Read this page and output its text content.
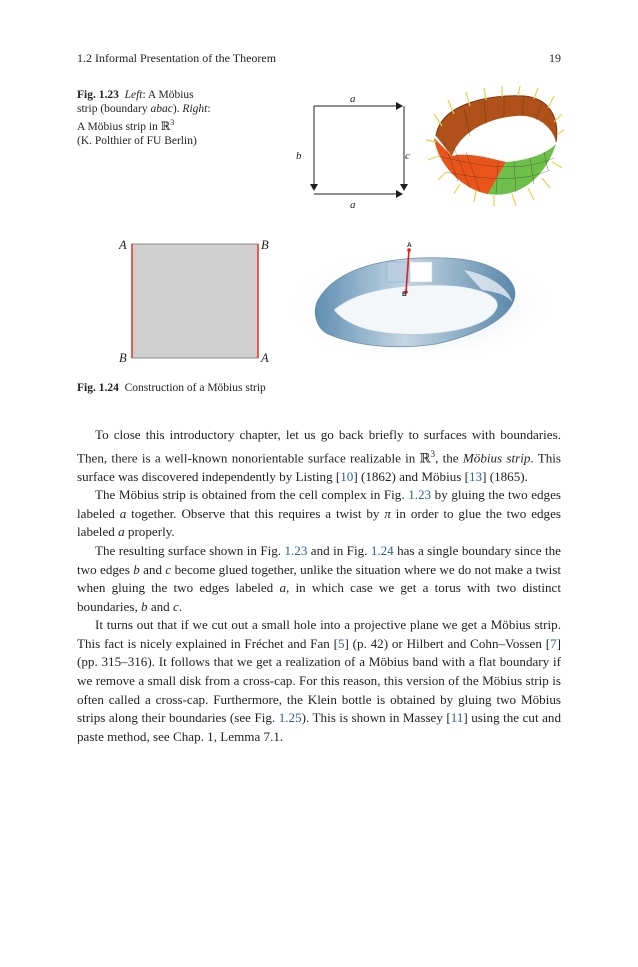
1.2 Informal Presentation of the Theorem	19
Fig. 1.23 Left: A Möbius
strip (boundary abac). Right:
A Möbius strip in ℝ$^3$
(K. Polthier of FU Berlin)
a
b	c
a
A	B
B	A
A
B
Fig. 1.24 Construction of a Möbius strip

To close this introductory chapter, let us go back briefly to surfaces with boundaries. Then, there is a well-known nonorientable surface realizable in ℝ$^3$, the Möbius strip. This surface was discovered independently by Listing [10] (1862) and Möbius [13] (1865).

The Möbius strip is obtained from the cell complex in Fig. 1.23 by gluing the two edges labeled a together. Observe that this requires a twist by π in order to glue the two edges labeled a properly.

The resulting surface shown in Fig. 1.23 and in Fig. 1.24 has a single boundary since the two edges b and c become glued together, unlike the situation where we do not make a twist when gluing the two edges labeled a, in which case we get a torus with two distinct boundaries, b and c.

It turns out that if we cut out a small hole into a projective plane we get a Möbius strip. This fact is nicely explained in Fréchet and Fan [5] (p. 42) or Hilbert and Cohn–Vossen [7] (pp. 315–316). It follows that we get a realization of a Möbius band with a flat boundary if we remove a small disk from a cross-cap. For this reason, this version of the Möbius strip is often called a cross-cap. Furthermore, the Klein bottle is obtained by gluing two Möbius strips along their boundaries (see Fig. 1.25). This is shown in Massey [11] using the cut and paste method, see Chap. 1, Lemma 7.1.
